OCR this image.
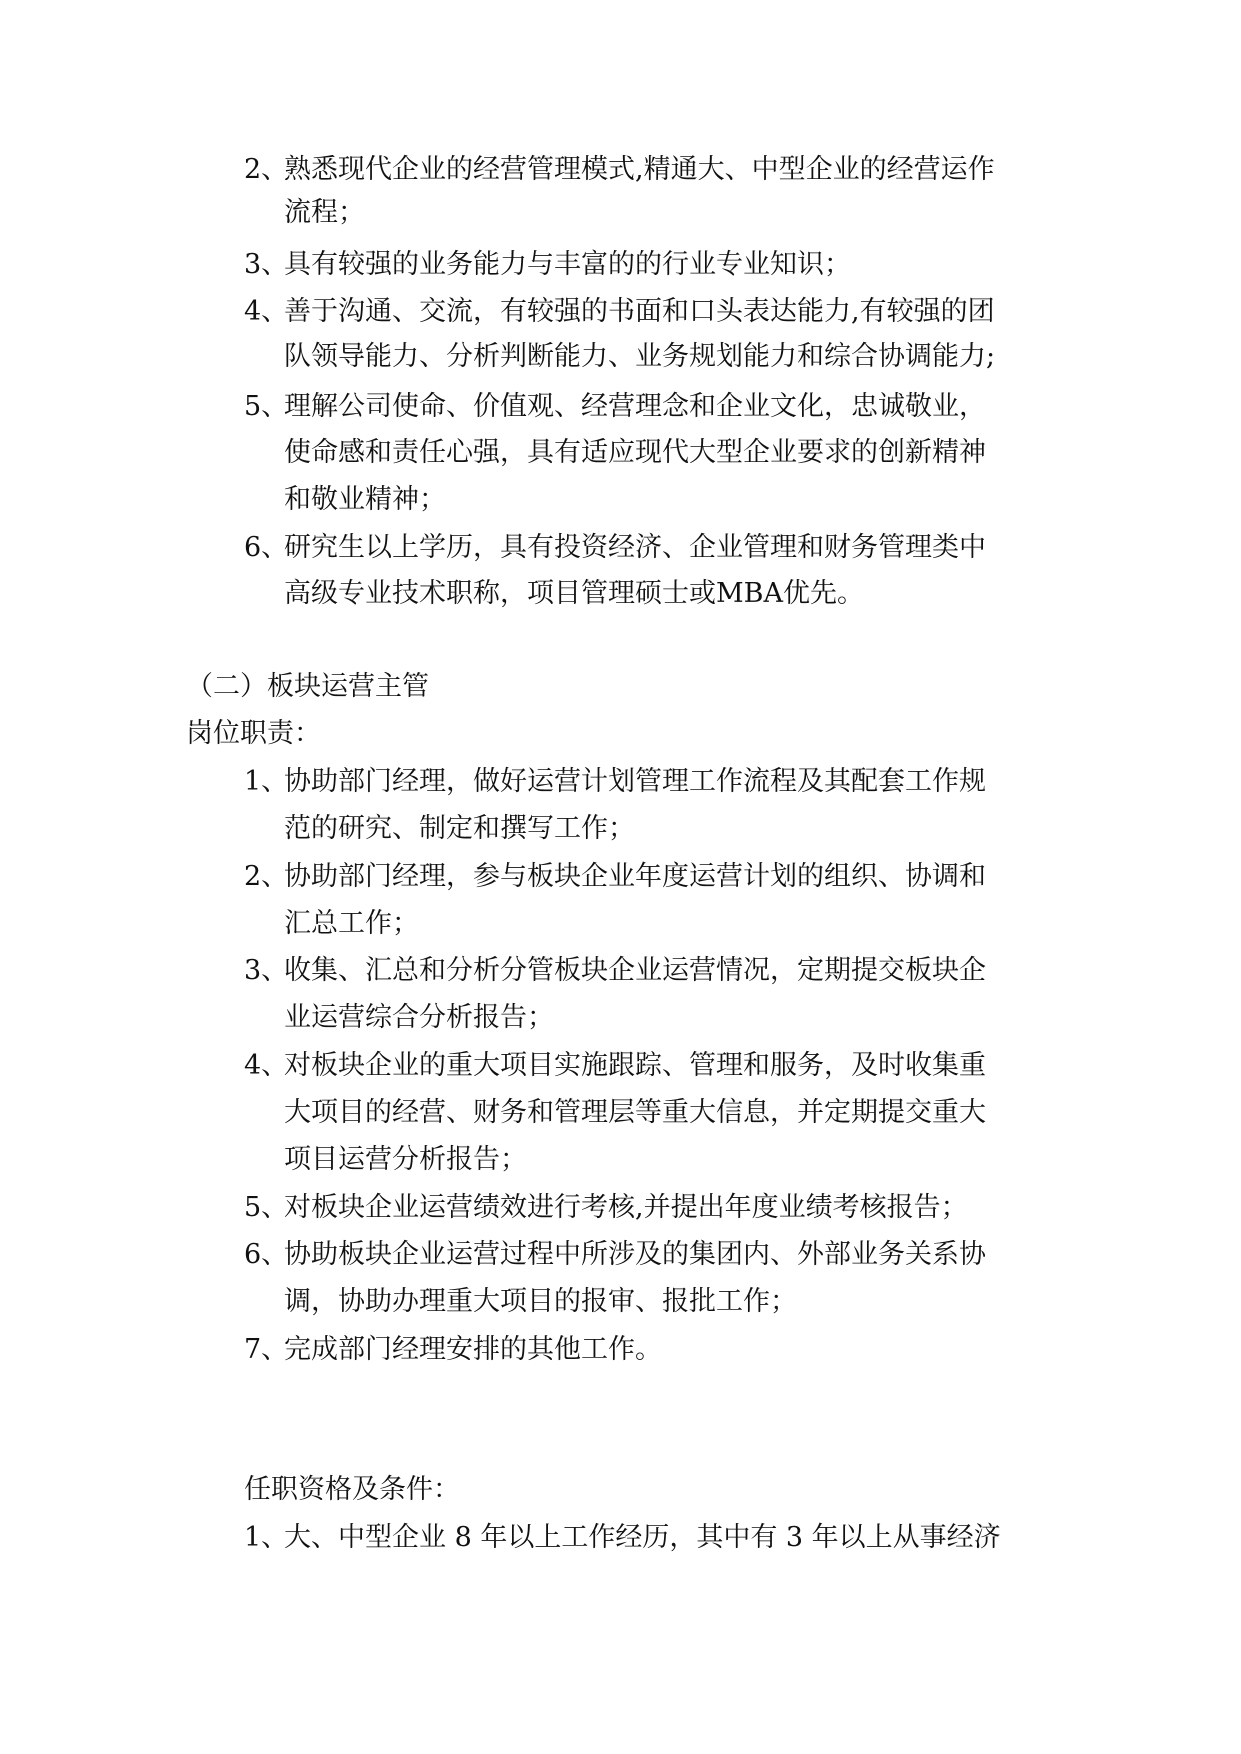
2、熟悉现代企业的经营管理模式,精通大、中型企业的经营运作
流程；
3、具有较强的业务能力与丰富的的行业专业知识；
4、善于沟通、交流，有较强的书面和口头表达能力,有较强的团
队领导能力、分析判断能力、业务规划能力和综合协调能力;
5、理解公司使命、价值观、经营理念和企业文化，忠诚敬业，
使命感和责任心强，具有适应现代大型企业要求的创新精神
和敬业精神；
6、研究生以上学历，具有投资经济、企业管理和财务管理类中
高级专业技术职称，项目管理硕士或MBA优先。
（二）板块运营主管
岗位职责：
1、协助部门经理，做好运营计划管理工作流程及其配套工作规
范的研究、制定和撰写工作；
2、协助部门经理，参与板块企业年度运营计划的组织、协调和
汇总工作；
3、收集、汇总和分析分管板块企业运营情况，定期提交板块企
业运营综合分析报告；
4、对板块企业的重大项目实施跟踪、管理和服务，及时收集重
大项目的经营、财务和管理层等重大信息，并定期提交重大
项目运营分析报告；
5、对板块企业运营绩效进行考核,并提出年度业绩考核报告；
6、协助板块企业运营过程中所涉及的集团内、外部业务关系协
调，协助办理重大项目的报审、报批工作；
7、完成部门经理安排的其他工作。
任职资格及条件：
1、大、中型企业 8 年以上工作经历，其中有 3 年以上从事经济
